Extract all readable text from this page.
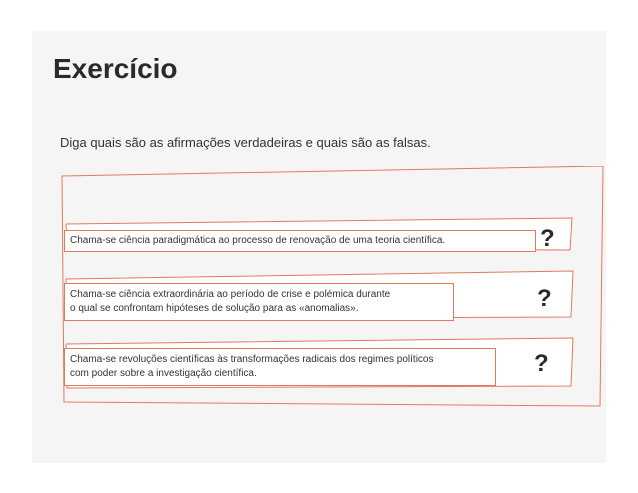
Exercício
Diga quais são as afirmações verdadeiras e quais são as falsas.
Chama-se ciência paradigmática ao processo de renovação de uma teoria científica.	?
Chama-se ciência extraordinária ao período de crise e polémica durante
o qual se confrontam hipóteses de solução para as «anomalias».	?
Chama-se revoluções científicas às transformações radicais dos regimes políticos
com poder sobre a investigação científica.	?
